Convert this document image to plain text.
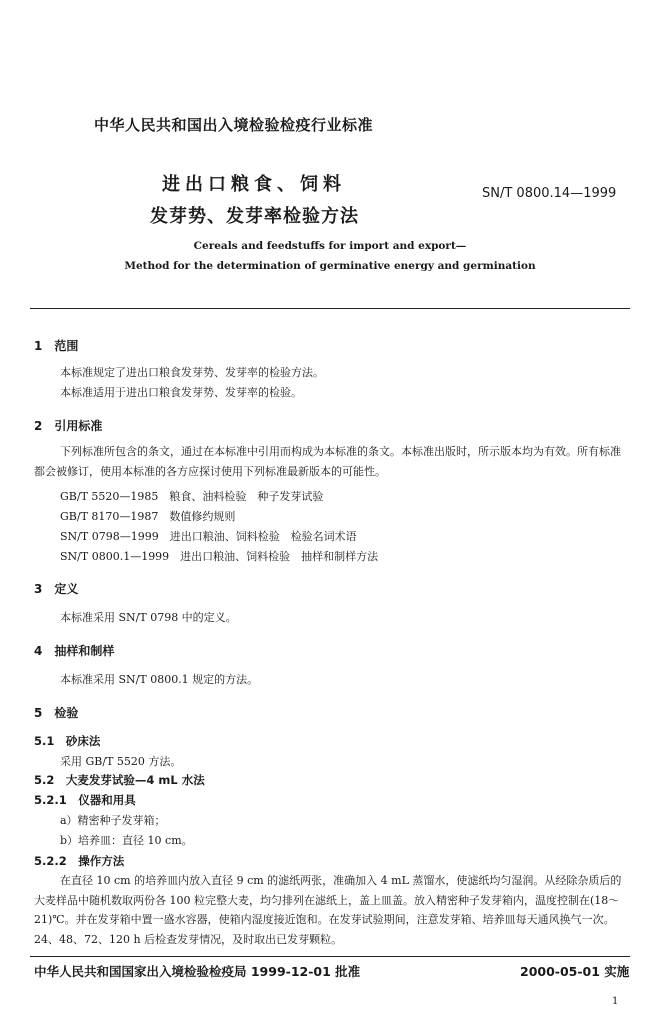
中华人民共和国出入境检验检疫行业标准
进出口粮食、饲料
发芽势、发芽率检验方法
SN/T 0800.14—1999
Cereals and feedstuffs for import and export—
Method for the determination of germinative energy and germination
1　范围
本标准规定了进出口粮食发芽势、发芽率的检验方法。
本标准适用于进出口粮食发芽势、发芽率的检验。
2　引用标准
下列标准所包含的条文，通过在本标准中引用而构成为本标准的条文。本标准出版时，所示版本均为有效。所有标准都会被修订，使用本标准的各方应探讨使用下列标准最新版本的可能性。
GB/T 5520—1985　粮食、油料检验　种子发芽试验
GB/T 8170—1987　数值修约规则
SN/T 0798—1999　进出口粮油、饲料检验　检验名词术语
SN/T 0800.1—1999　进出口粮油、饲料检验　抽样和制样方法
3　定义
本标准采用 SN/T 0798 中的定义。
4　抽样和制样
本标准采用 SN/T 0800.1 规定的方法。
5　检验
5.1　砂床法
采用 GB/T 5520 方法。
5.2　大麦发芽试验—4 mL 水法
5.2.1　仪器和用具
a）精密种子发芽箱；
b）培养皿：直径 10 cm。
5.2.2　操作方法
在直径 10 cm 的培养皿内放入直径 9 cm 的滤纸两张，准确加入 4 mL 蒸馏水，使滤纸均匀湿润。从经除杂质后的大麦样品中随机数取两份各 100 粒完整大麦，均匀排列在滤纸上，盖上皿盖。放入精密种子发芽箱内，温度控制在(18～21)℃。并在发芽箱中置一盛水容器，使箱内湿度接近饱和。在发芽试验期间，注意发芽箱、培养皿每天通风换气一次。24、48、72、120 h 后检查发芽情况，及时取出已发芽颗粒。
中华人民共和国国家出入境检验检疫局 1999-12-01 批准	2000-05-01 实施
1
